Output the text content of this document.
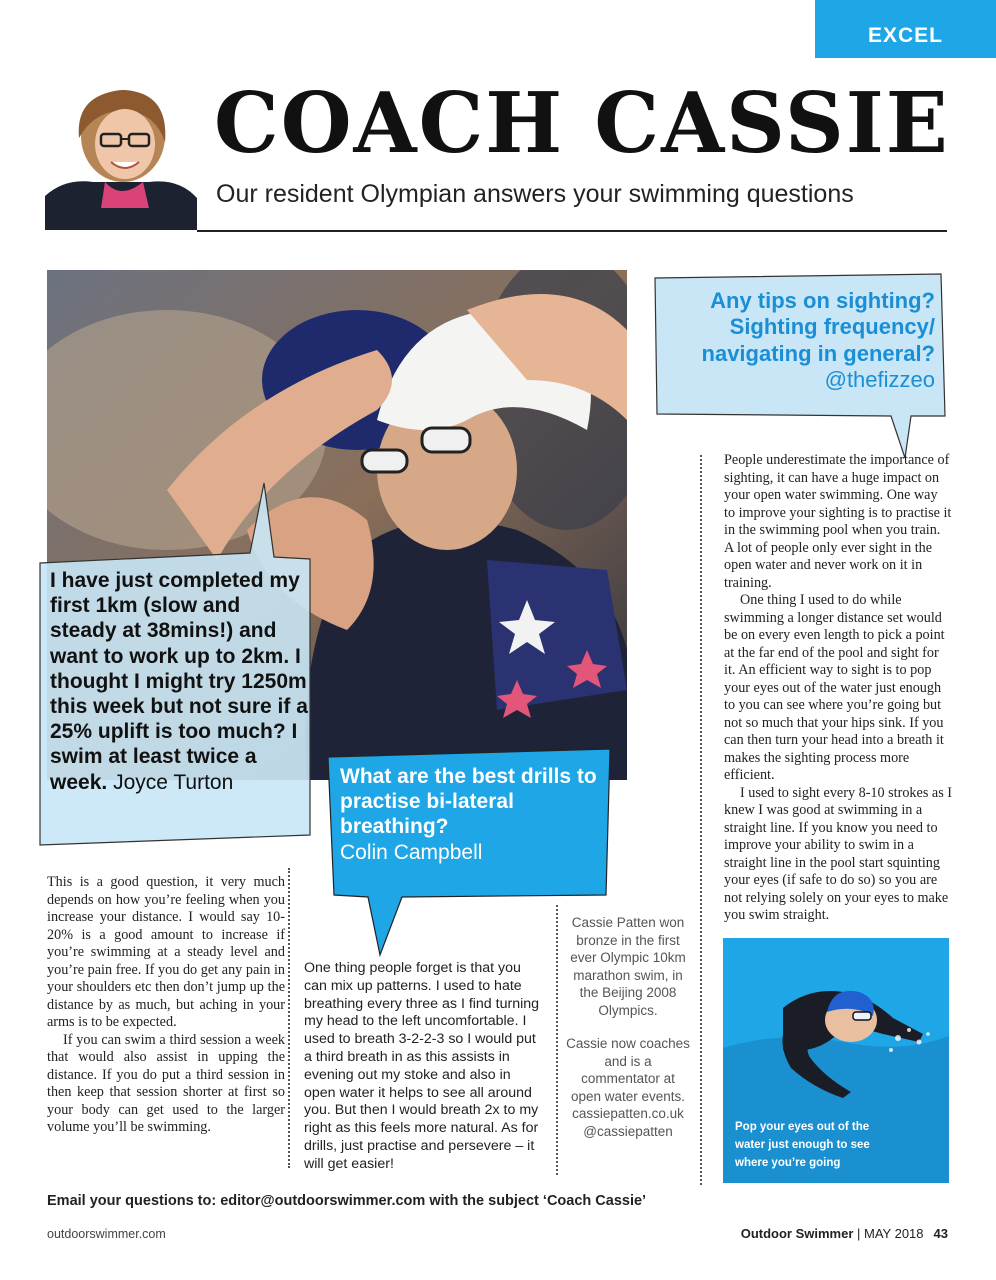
EXCEL
COACH CASSIE
Our resident Olympian answers your swimming questions
I have just completed my first 1km (slow and steady at 38mins!) and want to work up to 2km. I thought I might try 1250m this week but not sure if a 25% uplift is too much? I swim at least twice a week. Joyce Turton	What are the best drills to practise bi-lateral breathing?
Colin Campbell
Any tips on sighting? Sighting frequency/ navigating in general?
@thefizzeo

This is a good question, it very much depends on how you’re feeling when you increase your distance. I would say 10-20% is a good amount to increase if you’re swimming at a steady level and you’re pain free. If you do get any pain in your shoulders etc then don’t jump up the distance by as much, but aching in your arms is to be expected.

If you can swim a third session a week that would also assist in upping the distance. If you do put a third session in then keep that session shorter at first so your body can get used to the larger volume you’ll be swimming.

One thing people forget is that you can mix up patterns. I used to hate breathing every three as I find turning my head to the left uncomfortable. I used to breath 3-2-2-3 so I would put a third breath in as this assists in evening out my stoke and also in open water it helps to see all around you. But then I would breath 2x to my right as this feels more natural. As for drills, just practise and persevere – it will get easier!

People underestimate the importance of sighting, it can have a huge impact on your open water swimming. One way to improve your sighting is to practise it in the swimming pool when you train. A lot of people only ever sight in the open water and never work on it in training.

One thing I used to do while swimming a longer distance set would be on every even length to pick a point at the far end of the pool and sight for it. An efficient way to sight is to pop your eyes out of the water just enough to you can see where you’re going but not so much that your hips sink. If you can then turn your head into a breath it makes the sighting process more efficient.

I used to sight every 8-10 strokes as I knew I was good at swimming in a straight line. If you know you need to improve your ability to swim in a straight line in the pool start squinting your eyes (if safe to do so) so you are not relying solely on your eyes to make you swim straight.

Cassie Patten won bronze in the first ever Olympic 10km marathon swim, in the Beijing 2008 Olympics.

Cassie now coaches and is a commentator at open water events.

cassiepatten.co.uk
@cassiepatten	Pop your eyes out of the water just enough to see where you’re going
Email your questions to: editor@outdoorswimmer.com with the subject ‘Coach Cassie’
outdoorswimmer.com	Outdoor Swimmer | MAY 2018 43
